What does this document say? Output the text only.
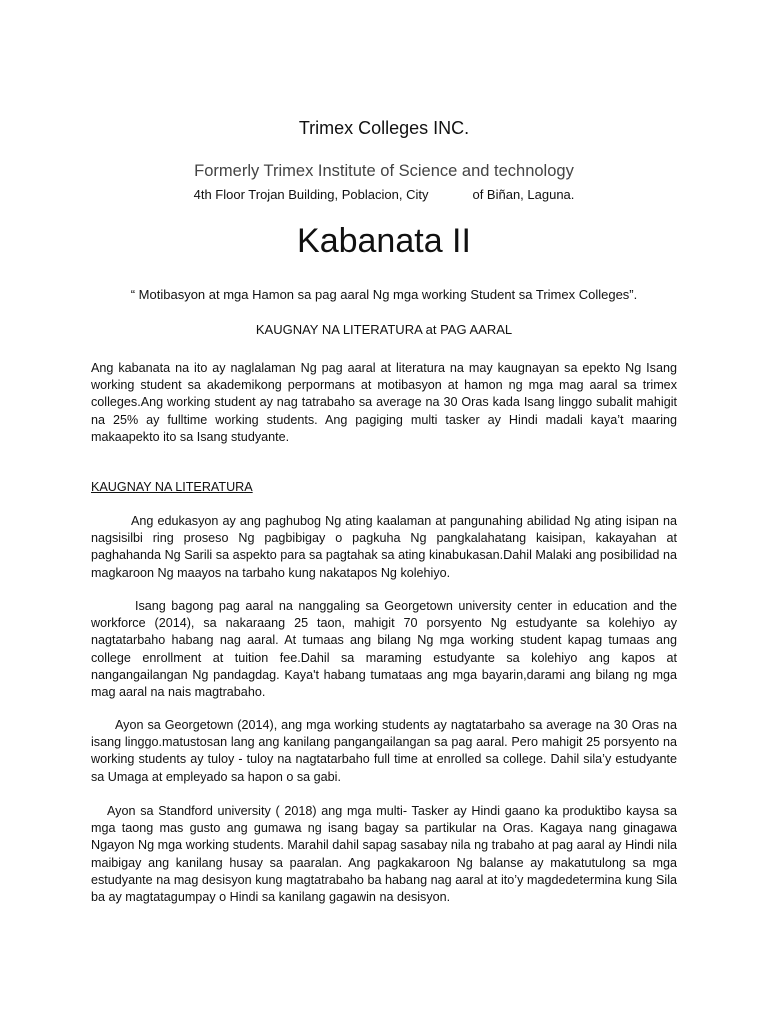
Trimex Colleges INC.
Formerly Trimex Institute of Science and technology
4th Floor Trojan Building, Poblacion, City	of Biñan, Laguna.
Kabanata II
“ Motibasyon at mga Hamon sa pag aaral Ng mga working Student sa Trimex Colleges”.
KAUGNAY NA LITERATURA at PAG AARAL

Ang kabanata na ito ay naglalaman Ng pag aaral at literatura na may kaugnayan sa epekto Ng Isang working student sa akademikong perpormans at motibasyon at hamon ng mga mag aaral sa trimex colleges.Ang working student ay nag tatrabaho sa average na 30 Oras kada Isang linggo subalit mahigit na 25% ay fulltime working students. Ang pagiging multi tasker ay Hindi madali kaya’t maaring makaapekto ito sa Isang studyante.

KAUGNAY NA LITERATURA

Ang edukasyon ay ang paghubog Ng ating kaalaman at pangunahing abilidad Ng ating isipan na nagsisilbi ring proseso Ng pagbibigay o pagkuha Ng pangkalahatang kaisipan, kakayahan at paghahanda Ng Sarili sa aspekto para sa pagtahak sa ating kinabukasan.Dahil Malaki ang posibilidad na magkaroon Ng maayos na tarbaho kung nakatapos Ng kolehiyo.

Isang bagong pag aaral na nanggaling sa Georgetown university center in education and the workforce (2014), sa nakaraang 25 taon, mahigit 70 porsyento Ng estudyante sa kolehiyo ay nagtatarbaho habang nag aaral. At tumaas ang bilang Ng mga working student kapag tumaas ang college enrollment at tuition fee.Dahil sa maraming estudyante sa kolehiyo ang kapos at nangangailangan Ng pandagdag. Kaya't habang tumataas ang mga bayarin,darami ang bilang ng mga mag aaral na nais magtrabaho.

Ayon sa Georgetown (2014), ang mga working students ay nagtatarbaho sa average na 30 Oras na isang linggo.matustosan lang ang kanilang pangangailangan sa pag aaral. Pero mahigit 25 porsyento na working students ay tuloy - tuloy na nagtatarbaho full time at enrolled sa college. Dahil sila’y estudyante sa Umaga at empleyado sa hapon o sa gabi.

Ayon sa Standford university ( 2018) ang mga multi- Tasker ay Hindi gaano ka produktibo kaysa sa mga taong mas gusto ang gumawa ng isang bagay sa partikular na Oras. Kagaya nang ginagawa Ngayon Ng mga working students. Marahil dahil sapag sasabay nila ng trabaho at pag aaral ay Hindi nila maibigay ang kanilang husay sa paaralan. Ang pagkakaroon Ng balanse ay makatutulong sa mga estudyante na mag desisyon kung magtatrabaho ba habang nag aaral at ito’y magdedetermina kung Sila ba ay magtatagumpay o Hindi sa kanilang gagawin na desisyon.
